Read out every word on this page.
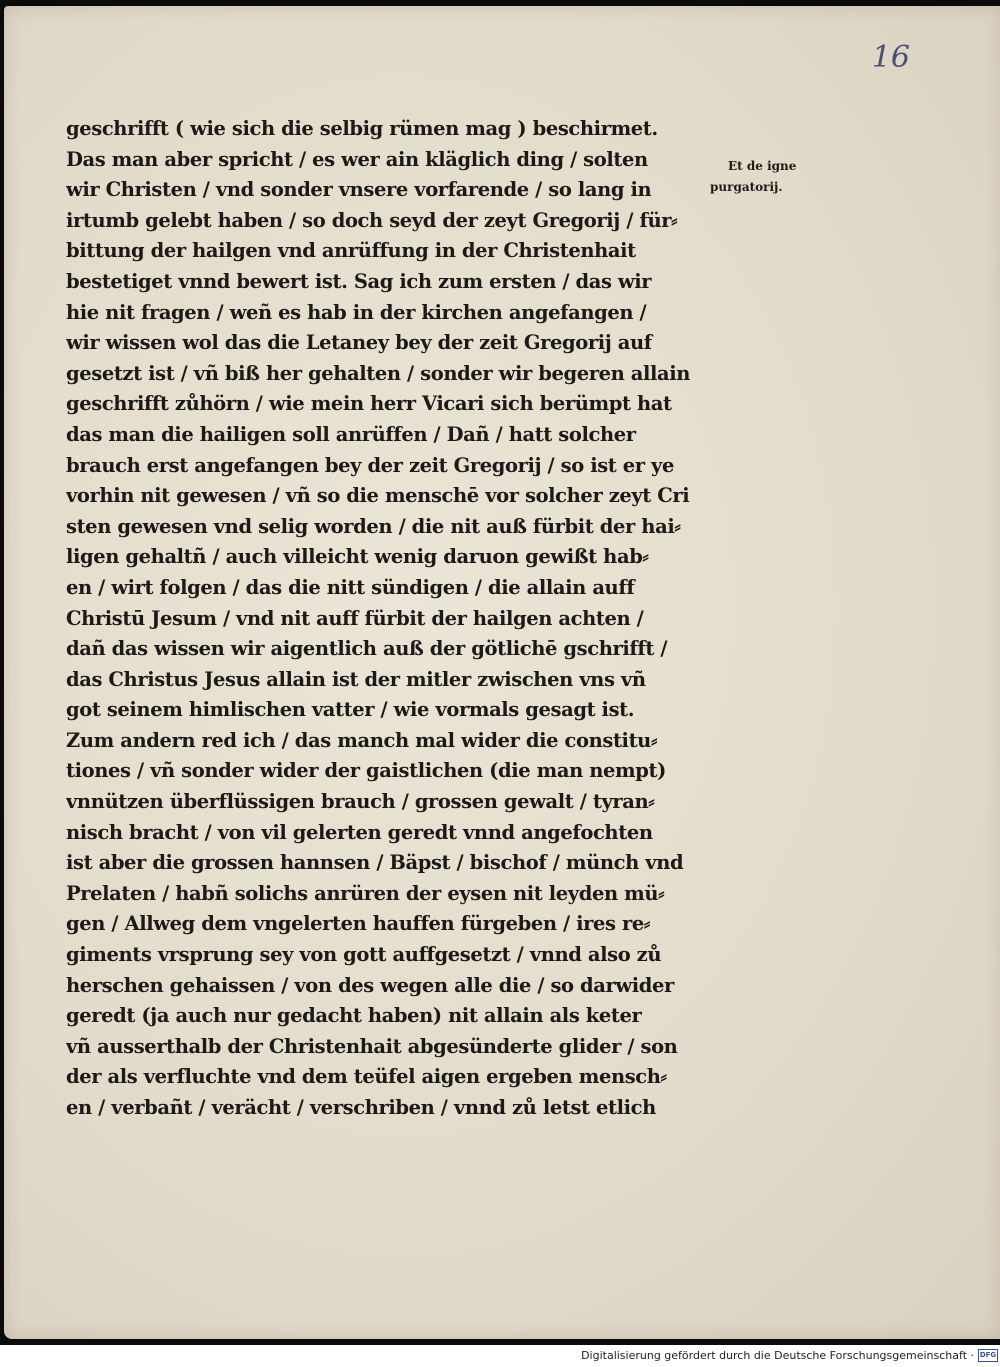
16
geschrifft ( wie sich die selbig rümen mag ) beschirmet.
Das man aber spricht / es wer ain kläglich ding / solten
wir Christen / vnd sonder vnsere vorfarende / so lang in
irtumb gelebt haben / so doch seyd der zeyt Gregorij / für⸗
bittung der hailgen vnd anrüffung in der Christenhait
bestetiget vnnd bewert ist. Sag ich zum ersten / das wir
hie nit fragen / weñ es hab in der kirchen angefangen /
wir wissen wol das die Letaney bey der zeit Gregorij auf
gesetzt ist / vñ biß her gehalten / sonder wir begeren allain
geschrifft zůhörn / wie mein herr Vicari sich berümpt hat
das man die hailigen soll anrüffen / Dañ / hatt solcher
brauch erst angefangen bey der zeit Gregorij / so ist er ye
vorhin nit gewesen / vñ so die menschē vor solcher zeyt Cri
sten gewesen vnd selig worden / die nit auß fürbit der hai⸗
ligen gehaltñ / auch villeicht wenig daruon gewißt hab⸗
en / wirt folgen / das die nitt sündigen / die allain auff
Christū Jesum / vnd nit auff fürbit der hailgen achten /
dañ das wissen wir aigentlich auß der götlichē gschrifft /
das Christus Jesus allain ist der mitler zwischen vns vñ
got seinem himlischen vatter / wie vormals gesagt ist.
Zum andern red ich / das manch mal wider die constitu⸗
tiones / vñ sonder wider der gaistlichen (die man nempt)
vnnützen überflüssigen brauch / grossen gewalt / tyran⸗
nisch bracht / von vil gelerten geredt vnnd angefochten
ist aber die grossen hannsen / Bäpst / bischof / münch vnd
Prelaten / habñ solichs anrüren der eysen nit leyden mü⸗
gen / Allweg dem vngelerten hauffen fürgeben / ires re⸗
giments vrsprung sey von gott auffgesetzt / vnnd also zů
herschen gehaissen / von des wegen alle die / so darwider
geredt (ja auch nur gedacht haben) nit allain als keter
vñ ausserthalb der Christenhait abgesünderte glider / son
der als verfluchte vnd dem teüfel aigen ergeben mensch⸗
en / verbañt / verächt / verschriben / vnnd zů letst etlich
Et de igne
purgatorij.
Digitalisierung gefördert durch die Deutsche Forschungsgemeinschaft · DFG
